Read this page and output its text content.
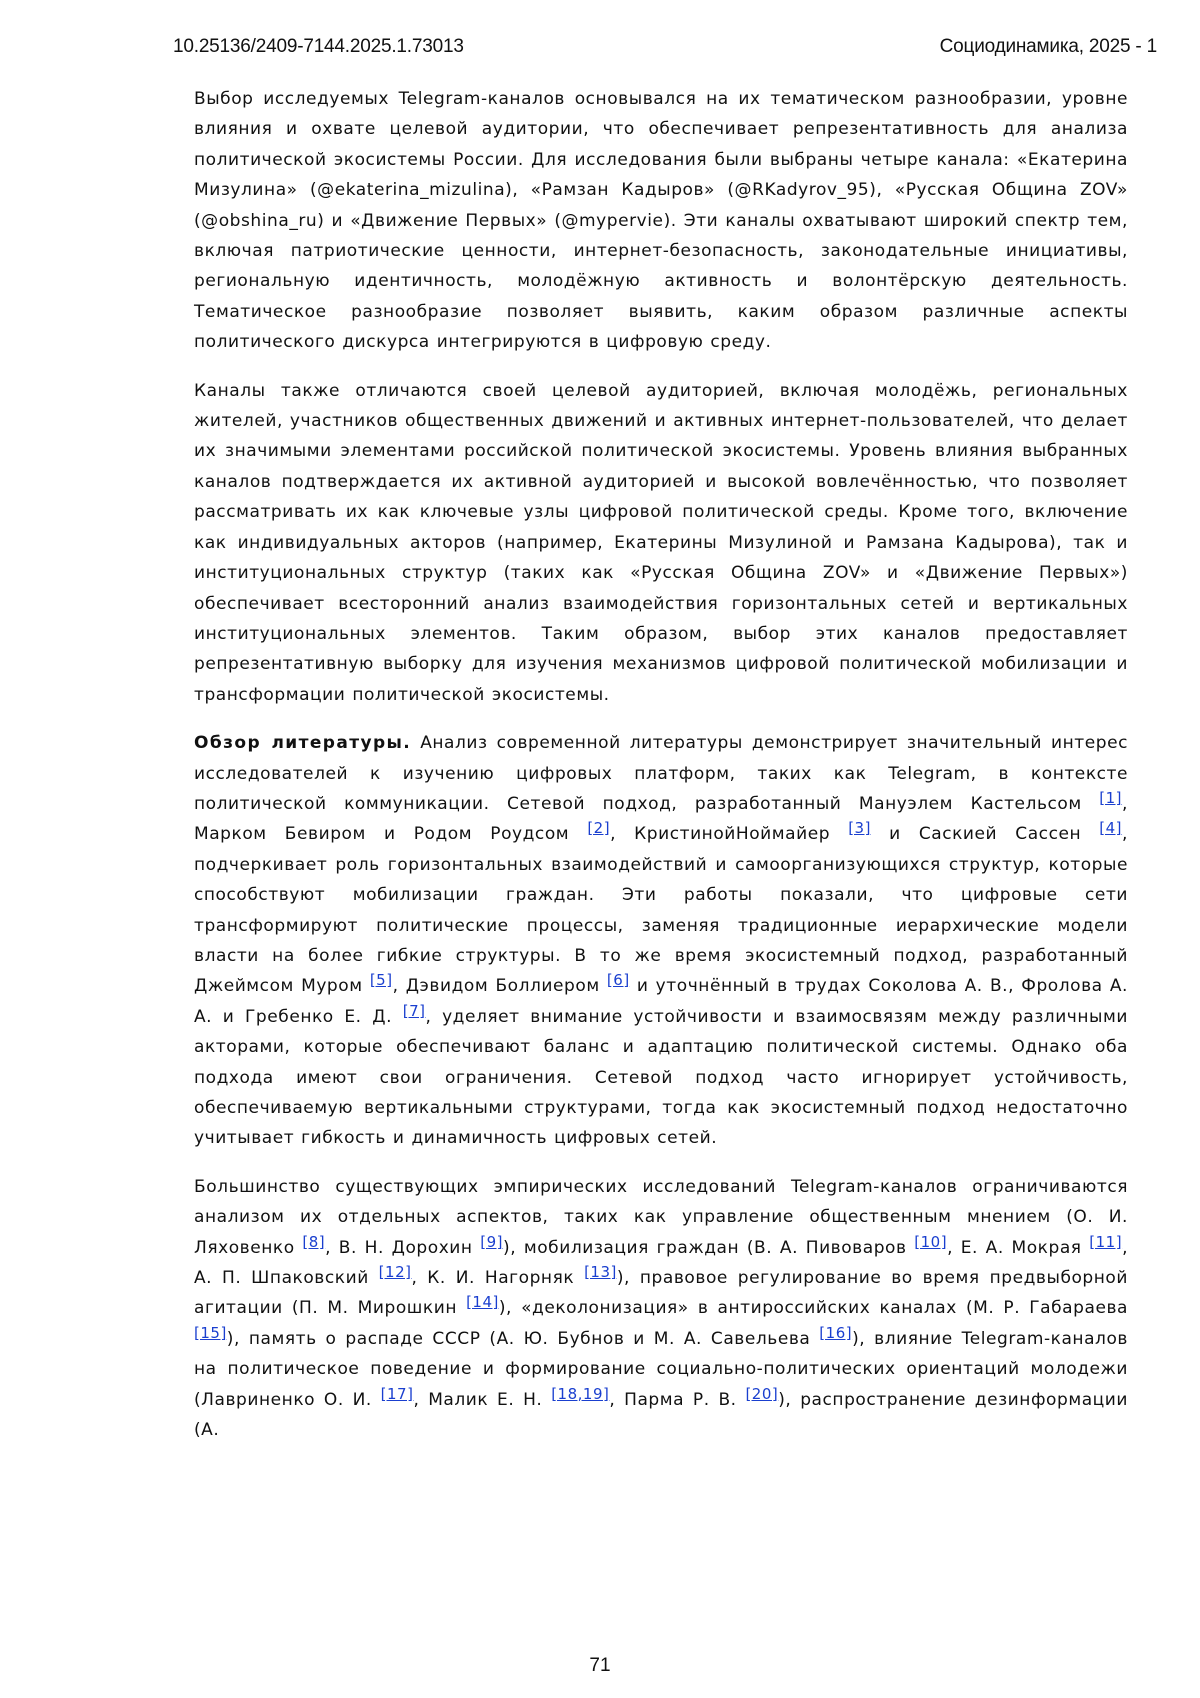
10.25136/2409-7144.2025.1.73013	Социодинамика, 2025 - 1

Выбор исследуемых Telegram-каналов основывался на их тематическом разнообразии, уровне влияния и охвате целевой аудитории, что обеспечивает репрезентативность для анализа политической экосистемы России. Для исследования были выбраны четыре канала: «Екатерина Мизулина» (@ekaterina_mizulina), «Рамзан Кадыров» (@RKadyrov_95), «Русская Община ZOV» (@obshina_ru) и «Движение Первых» (@mypervie). Эти каналы охватывают широкий спектр тем, включая патриотические ценности, интернет-безопасность, законодательные инициативы, региональную идентичность, молодёжную активность и волонтёрскую деятельность. Тематическое разнообразие позволяет выявить, каким образом различные аспекты политического дискурса интегрируются в цифровую среду.

Каналы также отличаются своей целевой аудиторией, включая молодёжь, региональных жителей, участников общественных движений и активных интернет-пользователей, что делает их значимыми элементами российской политической экосистемы. Уровень влияния выбранных каналов подтверждается их активной аудиторией и высокой вовлечённостью, что позволяет рассматривать их как ключевые узлы цифровой политической среды. Кроме того, включение как индивидуальных акторов (например, Екатерины Мизулиной и Рамзана Кадырова), так и институциональных структур (таких как «Русская Община ZOV» и «Движение Первых») обеспечивает всесторонний анализ взаимодействия горизонтальных сетей и вертикальных институциональных элементов. Таким образом, выбор этих каналов предоставляет репрезентативную выборку для изучения механизмов цифровой политической мобилизации и трансформации политической экосистемы.

Обзор литературы. Анализ современной литературы демонстрирует значительный интерес исследователей к изучению цифровых платформ, таких как Telegram, в контексте политической коммуникации. Сетевой подход, разработанный Мануэлем Кастельсом [1], Марком Бевиром и Родом Роудсом [2], КристинойНоймайер [3] и Саскией Сассен [4], подчеркивает роль горизонтальных взаимодействий и самоорганизующихся структур, которые способствуют мобилизации граждан. Эти работы показали, что цифровые сети трансформируют политические процессы, заменяя традиционные иерархические модели власти на более гибкие структуры. В то же время экосистемный подход, разработанный Джеймсом Муром [5], Дэвидом Боллиером [6] и уточнённый в трудах Соколова А. В., Фролова А. А. и Гребенко Е. Д. [7], уделяет внимание устойчивости и взаимосвязям между различными акторами, которые обеспечивают баланс и адаптацию политической системы. Однако оба подхода имеют свои ограничения. Сетевой подход часто игнорирует устойчивость, обеспечиваемую вертикальными структурами, тогда как экосистемный подход недостаточно учитывает гибкость и динамичность цифровых сетей.

Большинство существующих эмпирических исследований Telegram-каналов ограничиваются анализом их отдельных аспектов, таких как управление общественным мнением (О. И. Ляховенко [8], В. Н. Дорохин [9]), мобилизация граждан (В. А. Пивоваров [10], Е. А. Мокрая [11], А. П. Шпаковский [12], К. И. Нагорняк [13]), правовое регулирование во время предвыборной агитации (П. М. Мирошкин [14]), «деколонизация» в антироссийских каналах (М. Р. Габараева [15]), память о распаде СССР (А. Ю. Бубнов и М. А. Савельева [16]), влияние Telegram-каналов на политическое поведение и формирование социально-политических ориентаций молодежи (Лавриненко О. И. [17], Малик Е. Н. [18,19], Парма Р. В. [20]), распространение дезинформации (А.

71
